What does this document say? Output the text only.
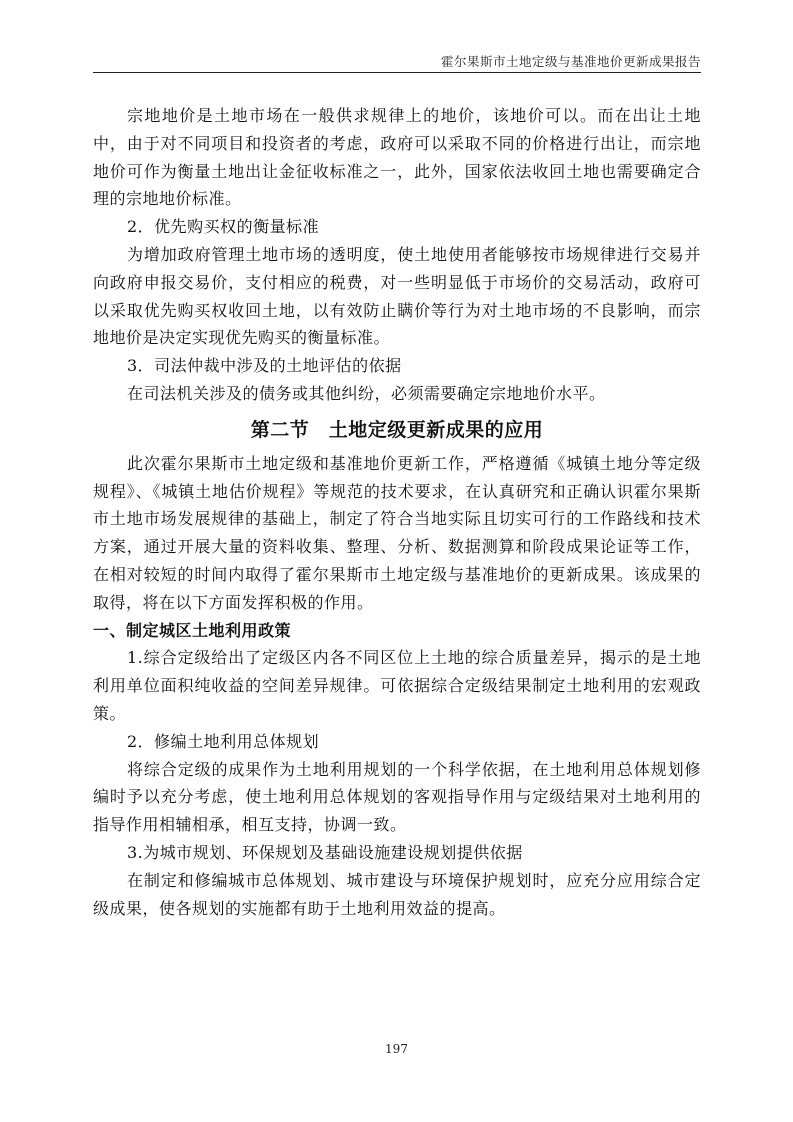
霍尔果斯市土地定级与基准地价更新成果报告

宗地地价是土地市场在一般供求规律上的地价，该地价可以。而在出让土地中，由于对不同项目和投资者的考虑，政府可以采取不同的价格进行出让，而宗地地价可作为衡量土地出让金征收标准之一，此外，国家依法收回土地也需要确定合理的宗地地价标准。

2．优先购买权的衡量标准

为增加政府管理土地市场的透明度，使土地使用者能够按市场规律进行交易并向政府申报交易价，支付相应的税费，对一些明显低于市场价的交易活动，政府可以采取优先购买权收回土地，以有效防止瞒价等行为对土地市场的不良影响，而宗地地价是决定实现优先购买的衡量标准。

3．司法仲裁中涉及的土地评估的依据

在司法机关涉及的债务或其他纠纷，必须需要确定宗地地价水平。

第二节　土地定级更新成果的应用

此次霍尔果斯市土地定级和基准地价更新工作，严格遵循《城镇土地分等定级规程》、《城镇土地估价规程》等规范的技术要求，在认真研究和正确认识霍尔果斯市土地市场发展规律的基础上，制定了符合当地实际且切实可行的工作路线和技术方案，通过开展大量的资料收集、整理、分析、数据测算和阶段成果论证等工作，在相对较短的时间内取得了霍尔果斯市土地定级与基准地价的更新成果。该成果的取得，将在以下方面发挥积极的作用。

一、制定城区土地利用政策

1.综合定级给出了定级区内各不同区位上土地的综合质量差异，揭示的是土地利用单位面积纯收益的空间差异规律。可依据综合定级结果制定土地利用的宏观政策。

2．修编土地利用总体规划

将综合定级的成果作为土地利用规划的一个科学依据，在土地利用总体规划修编时予以充分考虑，使土地利用总体规划的客观指导作用与定级结果对土地利用的指导作用相辅相承，相互支持，协调一致。

3.为城市规划、环保规划及基础设施建设规划提供依据

在制定和修编城市总体规划、城市建设与环境保护规划时，应充分应用综合定级成果，使各规划的实施都有助于土地利用效益的提高。

197
